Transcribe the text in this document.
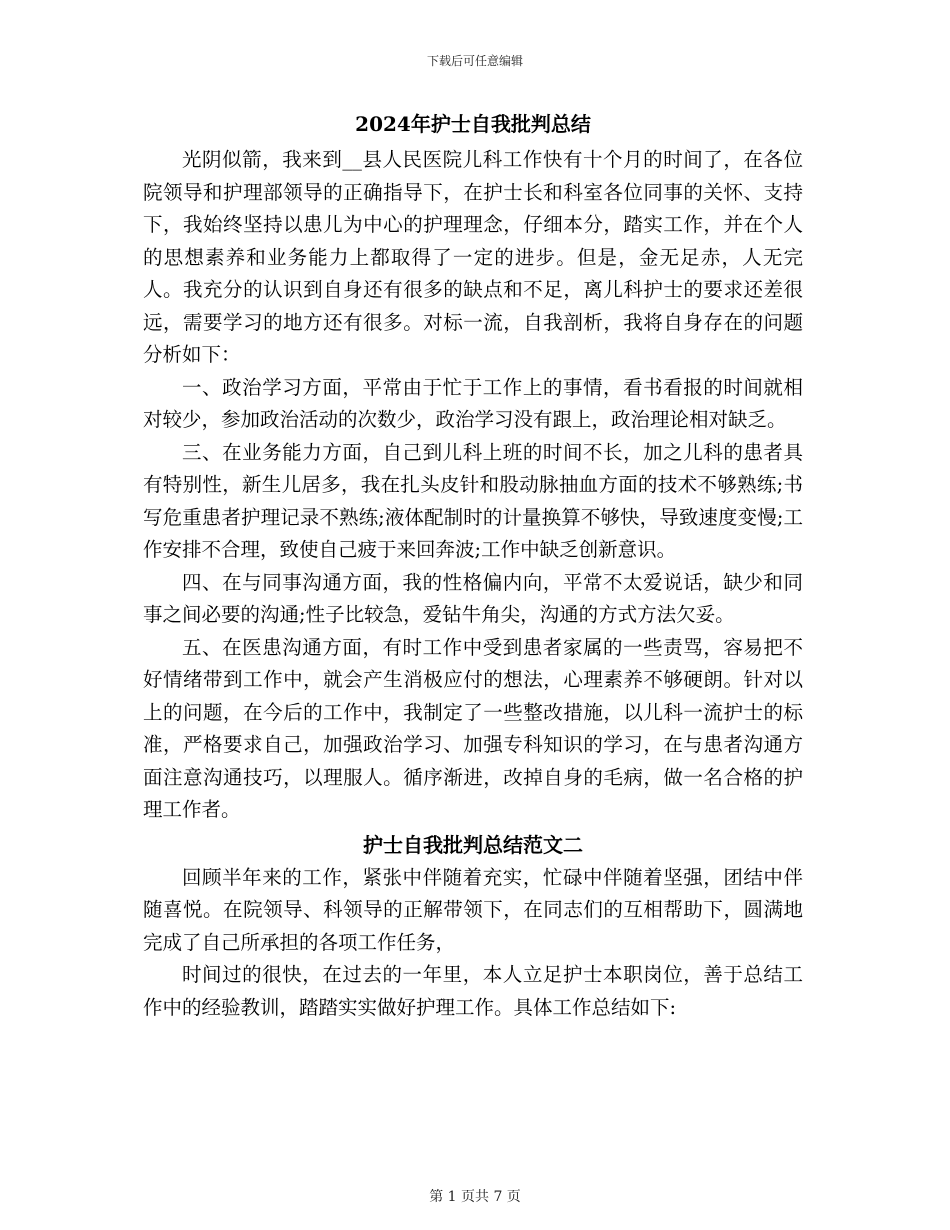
下载后可任意编辑
2024年护士自我批判总结

光阴似箭，我来到__县人民医院儿科工作快有十个月的时间了，在各位院领导和护理部领导的正确指导下，在护士长和科室各位同事的关怀、支持下，我始终坚持以患儿为中心的护理理念，仔细本分，踏实工作，并在个人的思想素养和业务能力上都取得了一定的进步。但是，金无足赤，人无完人。我充分的认识到自身还有很多的缺点和不足，离儿科护士的要求还差很远，需要学习的地方还有很多。对标一流，自我剖析，我将自身存在的问题分析如下：

一、政治学习方面，平常由于忙于工作上的事情，看书看报的时间就相对较少，参加政治活动的次数少，政治学习没有跟上，政治理论相对缺乏。

三、在业务能力方面，自己到儿科上班的时间不长，加之儿科的患者具有特别性，新生儿居多，我在扎头皮针和股动脉抽血方面的技术不够熟练;书写危重患者护理记录不熟练;液体配制时的计量换算不够快，导致速度变慢;工作安排不合理，致使自己疲于来回奔波;工作中缺乏创新意识。

四、在与同事沟通方面，我的性格偏内向，平常不太爱说话，缺少和同事之间必要的沟通;性子比较急，爱钻牛角尖，沟通的方式方法欠妥。

五、在医患沟通方面，有时工作中受到患者家属的一些责骂，容易把不好情绪带到工作中，就会产生消极应付的想法，心理素养不够硬朗。针对以上的问题，在今后的工作中，我制定了一些整改措施，以儿科一流护士的标准，严格要求自己，加强政治学习、加强专科知识的学习，在与患者沟通方面注意沟通技巧，以理服人。循序渐进，改掉自身的毛病，做一名合格的护理工作者。

护士自我批判总结范文二

回顾半年来的工作，紧张中伴随着充实，忙碌中伴随着坚强，团结中伴随喜悦。在院领导、科领导的正解带领下，在同志们的互相帮助下，圆满地完成了自己所承担的各项工作任务，

时间过的很快，在过去的一年里，本人立足护士本职岗位，善于总结工作中的经验教训，踏踏实实做好护理工作。具体工作总结如下:

第 1 页共 7 页
